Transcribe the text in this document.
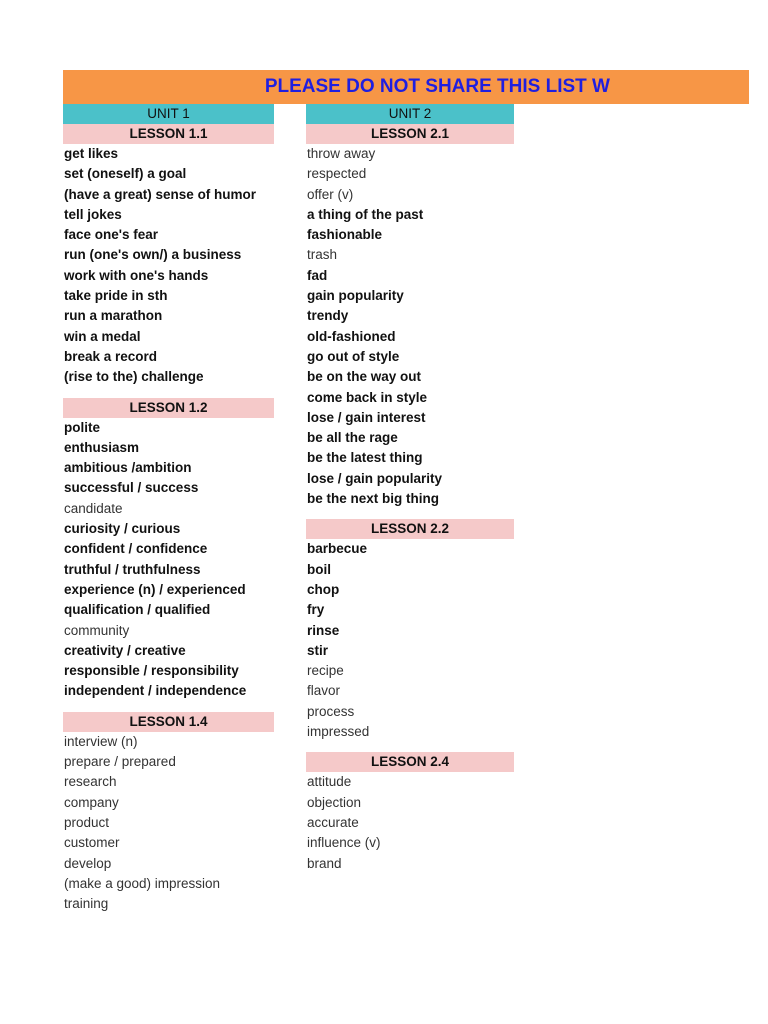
PLEASE DO NOT SHARE THIS LIST W
UNIT 1
LESSON 1.1
get likes
set (oneself) a goal
(have a great) sense of humor
tell jokes
face one's fear
run (one's own/) a business
work with one's hands
take pride in sth
run a marathon
win a medal
break a record
(rise to the) challenge
LESSON 1.2
polite
enthusiasm
ambitious /ambition
successful / success
candidate
curiosity / curious
confident / confidence
truthful / truthfulness
experience (n) / experienced
qualification / qualified
community
creativity / creative
responsible / responsibility
independent / independence
LESSON 1.4
interview (n)
prepare / prepared
research
company
product
customer
develop
(make a good) impression
training
UNIT 2
LESSON 2.1
throw away
respected
offer (v)
a thing of the past
fashionable
trash
fad
gain popularity
trendy
old-fashioned
go out of style
be on the way out
come back in style
lose / gain interest
be all the rage
be the latest thing
lose / gain popularity
be the next big thing
LESSON 2.2
barbecue
boil
chop
fry
rinse
stir
recipe
flavor
process
impressed
LESSON 2.4
attitude
objection
accurate
influence (v)
brand
